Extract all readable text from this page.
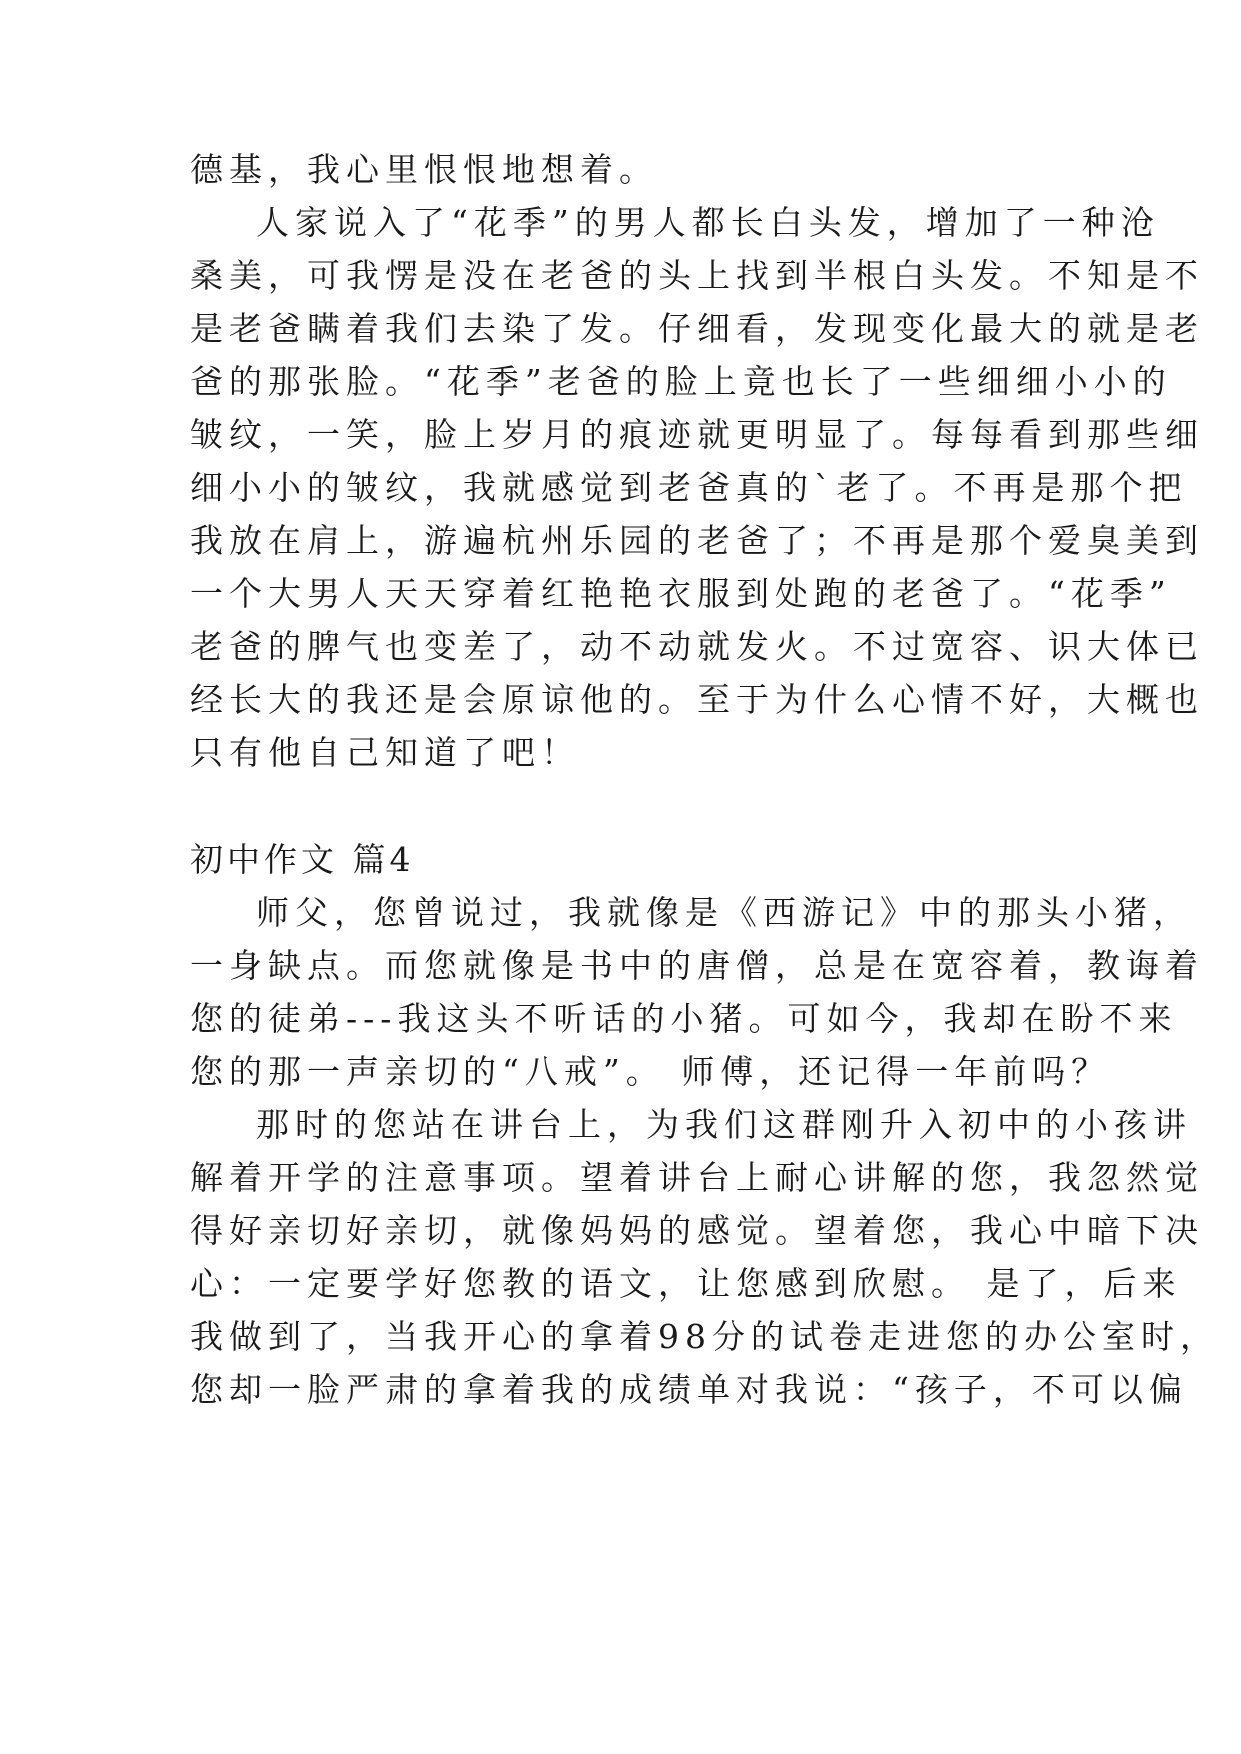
德基，我心里恨恨地想着。
人家说入了“花季”的男人都长白头发，增加了一种沧
桑美，可我愣是没在老爸的头上找到半根白头发。不知是不
是老爸瞒着我们去染了发。仔细看，发现变化最大的就是老
爸的那张脸。“花季”老爸的脸上竟也长了一些细细小小的
皱纹，一笑，脸上岁月的痕迹就更明显了。每每看到那些细
细小小的皱纹，我就感觉到老爸真的`老了。不再是那个把
我放在肩上，游遍杭州乐园的老爸了；不再是那个爱臭美到
一个大男人天天穿着红艳艳衣服到处跑的老爸了。“花季”
老爸的脾气也变差了，动不动就发火。不过宽容、识大体已
经长大的我还是会原谅他的。至于为什么心情不好，大概也
只有他自己知道了吧！
初中作文 篇4
师父，您曾说过，我就像是《西游记》中的那头小猪，
一身缺点。而您就像是书中的唐僧，总是在宽容着，教诲着
您的徒弟---我这头不听话的小猪。可如今，我却在盼不来
您的那一声亲切的“八戒”。 师傅，还记得一年前吗？
那时的您站在讲台上，为我们这群刚升入初中的小孩讲
解着开学的注意事项。望着讲台上耐心讲解的您，我忽然觉
得好亲切好亲切，就像妈妈的感觉。望着您，我心中暗下决
心：一定要学好您教的语文，让您感到欣慰。 是了，后来
我做到了，当我开心的拿着98分的试卷走进您的办公室时，
您却一脸严肃的拿着我的成绩单对我说：“孩子，不可以偏
